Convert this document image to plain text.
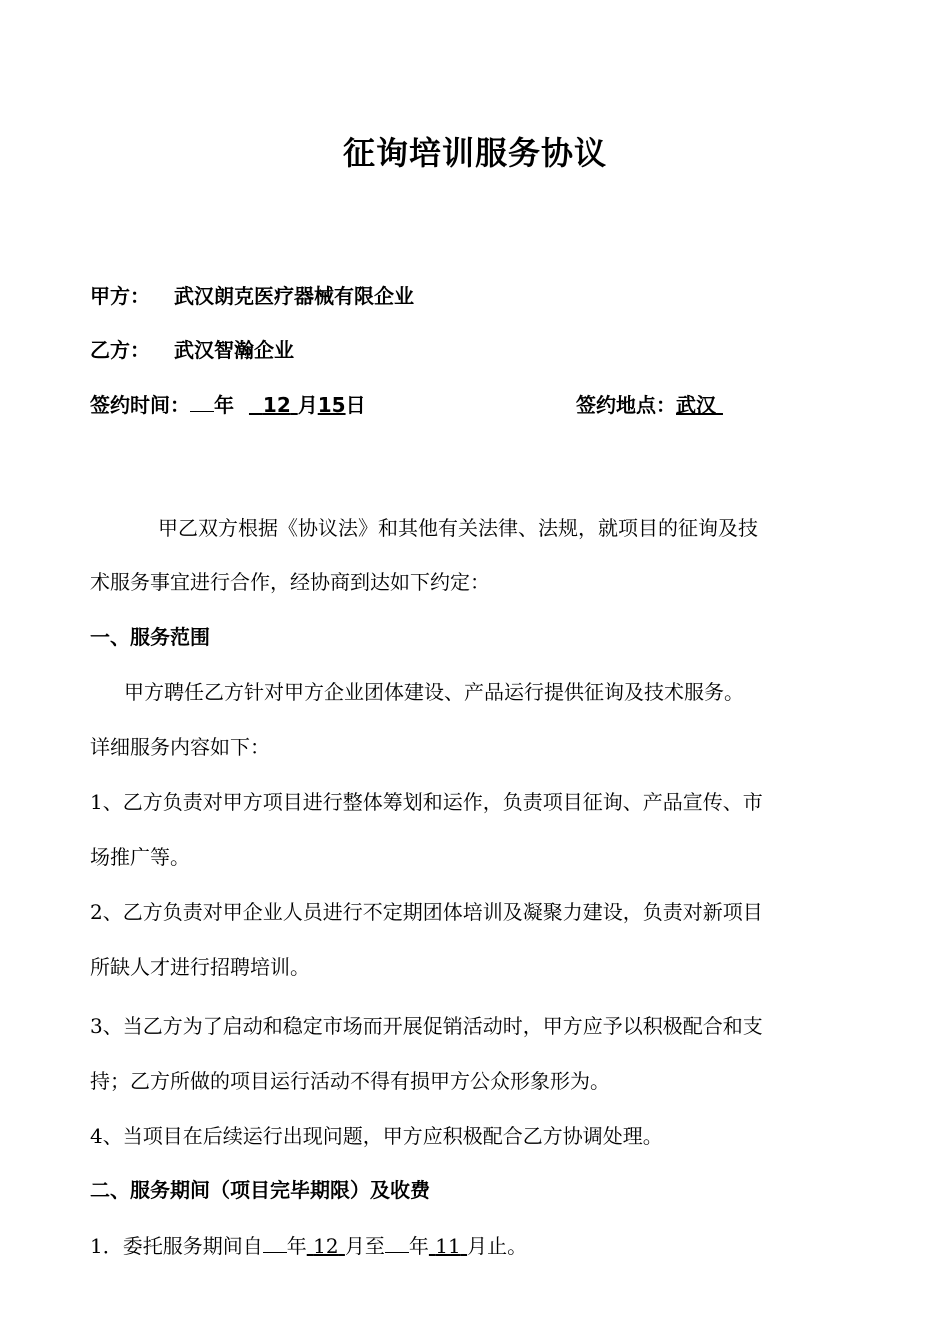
征询培训服务协议
甲方： 武汉朗克医疗器械有限企业
乙方： 武汉智瀚企业
签约时间： 年 12 月15日	签约地点：武汉
甲乙双方根据《协议法》和其他有关法律、法规，就项目的征询及技
术服务事宜进行合作，经协商到达如下约定：
一、服务范围
甲方聘任乙方针对甲方企业团体建设、产品运行提供征询及技术服务。
详细服务内容如下：
1、乙方负责对甲方项目进行整体筹划和运作，负责项目征询、产品宣传、市
场推广等。
2、乙方负责对甲企业人员进行不定期团体培训及凝聚力建设，负责对新项目
所缺人才进行招聘培训。
3、当乙方为了启动和稳定市场而开展促销活动时，甲方应予以积极配合和支
持；乙方所做的项目运行活动不得有损甲方公众形象形为。
4、当项目在后续运行出现问题，甲方应积极配合乙方协调处理。
二、服务期间（项目完毕期限）及收费
1．委托服务期间自 年 12 月至 年 11 月止。
